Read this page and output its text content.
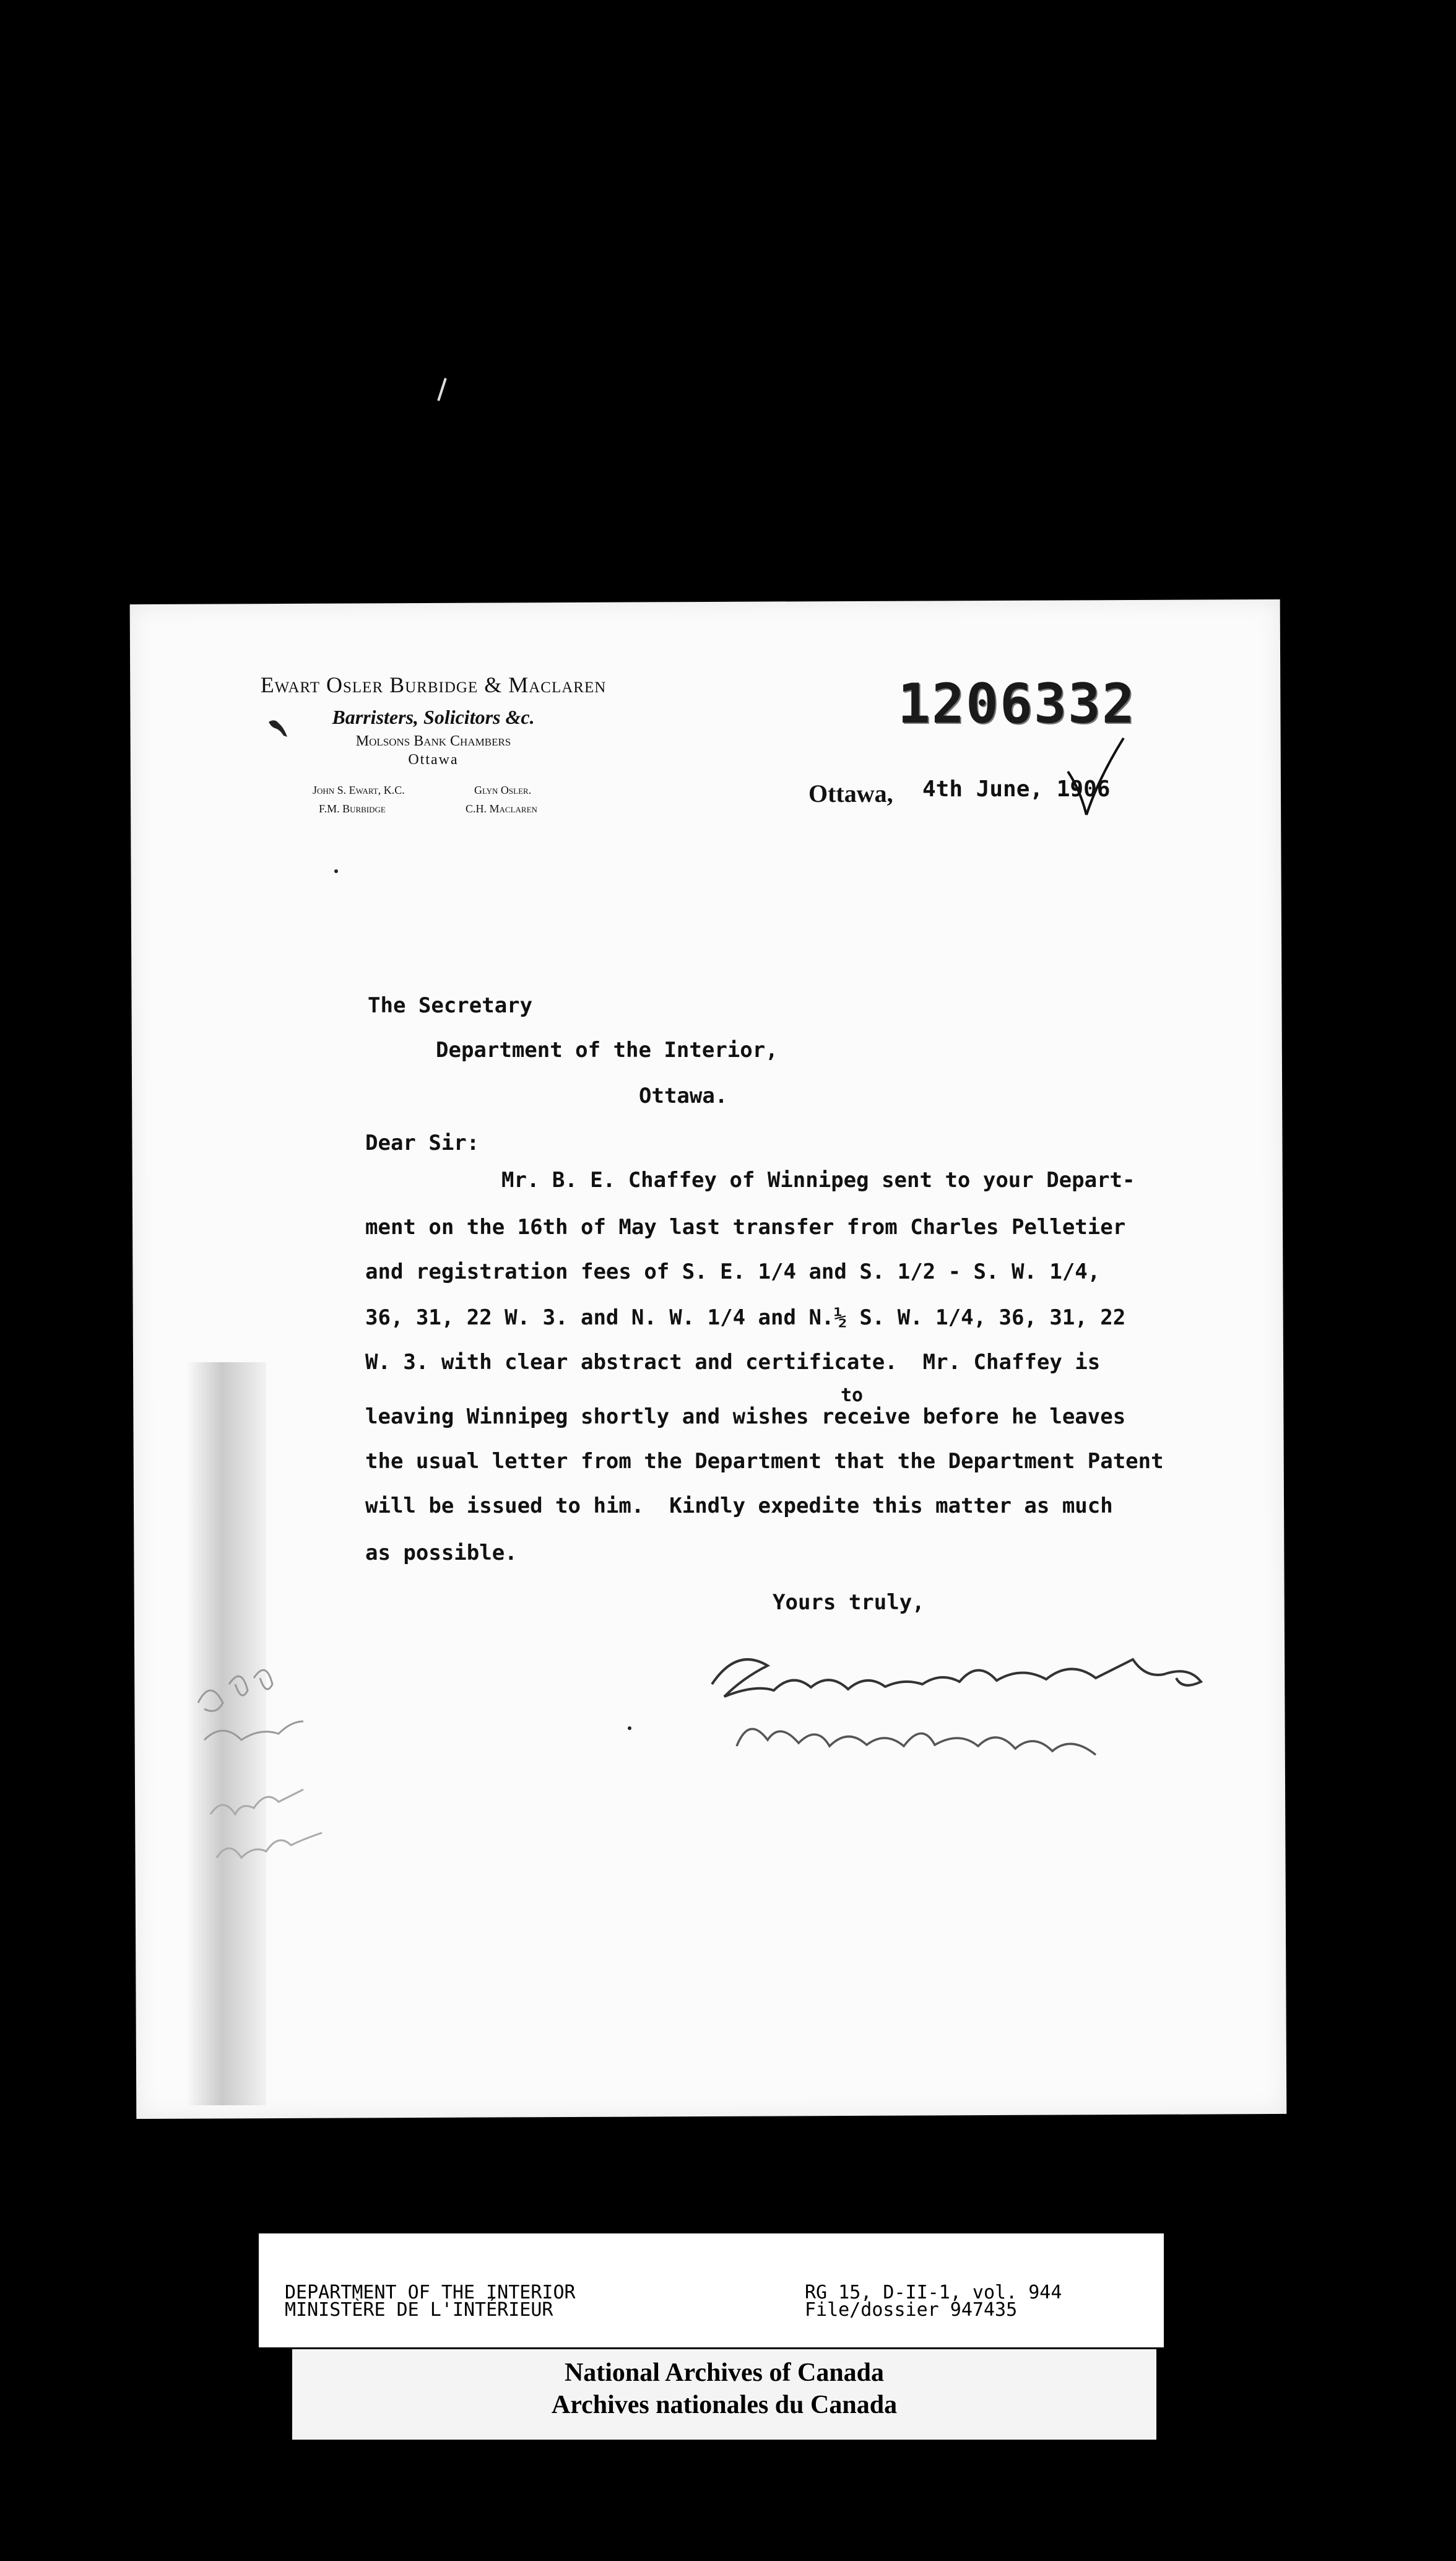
Ewart Osler Burbidge & Maclaren
Barristers, Solicitors &c.
Molsons Bank Chambers
Ottawa
John S. Ewart, K.C.	Glyn Osler.
F.M. Burbidge	C.H. Maclaren
1206332
Ottawa, 4th June, 1906
The Secretary
Department of the Interior,
Ottawa.
Dear Sir:
Mr. B. E. Chaffey of Winnipeg sent to your Depart-
ment on the 16th of May last transfer from Charles Pelletier
and registration fees of S. E. 1/4 and S. 1/2 - S. W. 1/4,
36, 31, 22 W. 3. and N. W. 1/4 and N.½ S. W. 1/4, 36, 31, 22
W. 3. with clear abstract and certificate.  Mr. Chaffey is
to
leaving Winnipeg shortly and wishes receive before he leaves
the usual letter from the Department that the Department Patent
will be issued to him.  Kindly expedite this matter as much
as possible.
Yours truly,
DEPARTMENT OF THE INTERIOR
MINISTÈRE DE L'INTÉRIEUR
RG 15, D-II-1, vol. 944
File/dossier 947435
National Archives of Canada
Archives nationales du Canada
